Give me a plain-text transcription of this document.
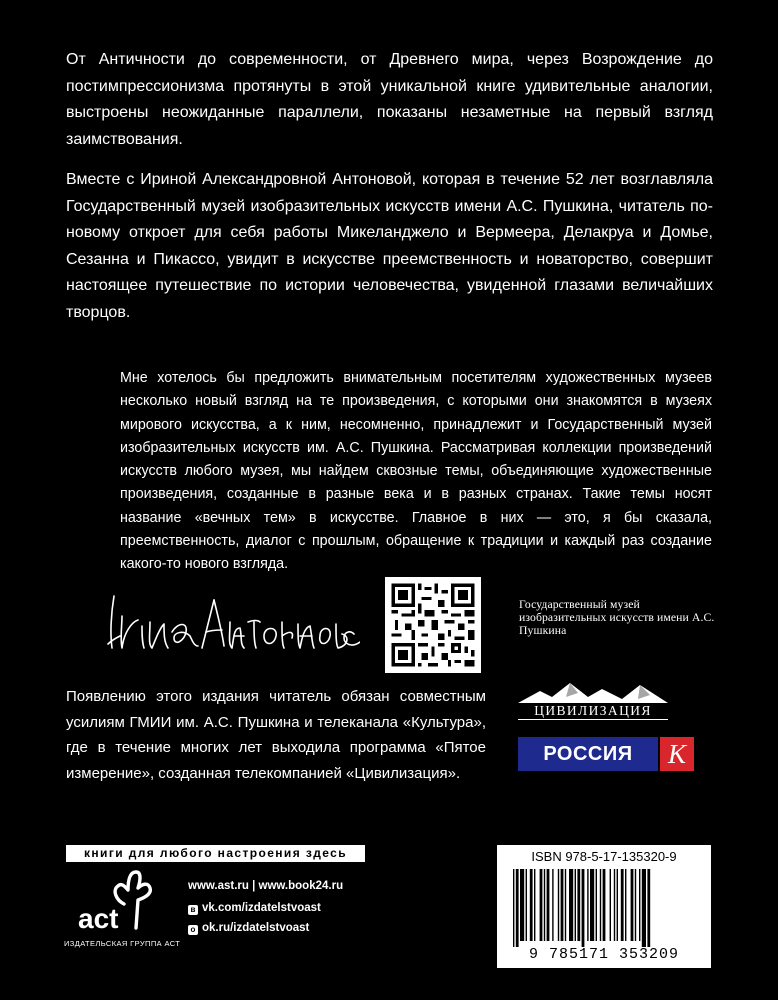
От Античности до современности, от Древнего мира, через Возрождение до постимпрессионизма протянуты в этой уникальной книге удивительные аналогии, выстроены неожиданные параллели, показаны незаметные на первый взгляд заимствования.

Вместе с Ириной Александровной Антоновой, которая в течение 52 лет возглавляла Государственный музей изобразительных искусств имени А.С. Пушкина, читатель по-новому откроет для себя работы Микеланджело и Вермеера, Делакруа и Домье, Сезанна и Пикассо, увидит в искусстве преемственность и новаторство, совершит настоящее путешествие по истории человечества, увиденной глазами величайших творцов.

Мне хотелось бы предложить внимательным посетителям художественных музеев несколько новый взгляд на те произведения, с которыми они знакомятся в музеях мирового искусства, а к ним, несомненно, принадлежит и Государственный музей изобразительных искусств им. А.С. Пушкина. Рассматривая коллекции произведений искусств любого музея, мы найдем сквозные темы, объединяющие художественные произведения, созданные в разные века и в разных странах. Такие темы носят название «вечных тем» в искусстве. Главное в них — это, я бы сказала, преемственность, диалог с прошлым, обращение к традиции и каждый раз создание какого-то нового взгляда.

Государственный музей изобразительных искусств имени А.С. Пушкина

Появлению этого издания читатель обязан совместным усилиям ГМИИ им. А.С. Пушкина и телеканала «Культура», где в течение многих лет выходила программа «Пятое измерение», созданная телекомпанией «Цивилизация».

ЦИВИЛИЗАЦИЯ
РОССИЯ К
книги для любого настроения здесь
act
ИЗДАТЕЛЬСКАЯ ГРУППА АСТ
www.ast.ru | www.book24.ru
в vk.com/izdatelstvoast
о ok.ru/izdatelstvoast
ISBN 978-5-17-135320-9
9 785171 353209
